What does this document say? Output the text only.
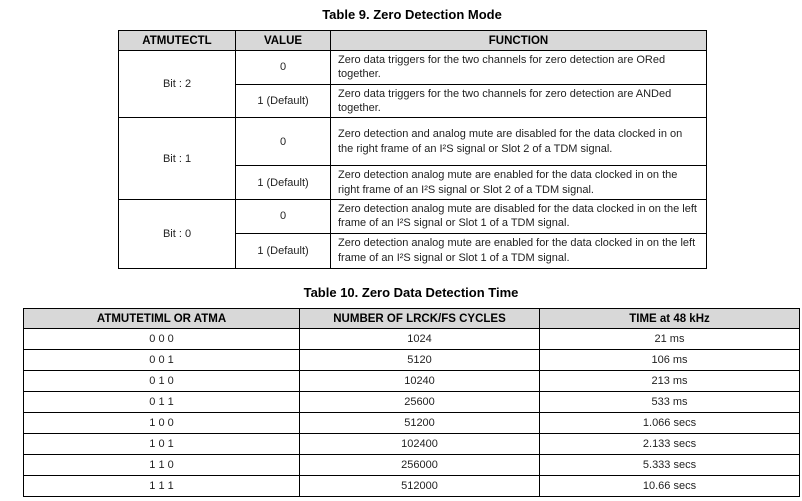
Table 9. Zero Detection Mode
ATMUTECTL	VALUE	FUNCTION
Bit : 2	0	Zero data triggers for the two channels for zero detection are ORed together.
	1 (Default)	Zero data triggers for the two channels for zero detection are ANDed together.
Bit : 1	0	Zero detection and analog mute are disabled for the data clocked in on the right frame of an I²S signal or Slot 2 of a TDM signal.
	1 (Default)	Zero detection analog mute are enabled for the data clocked in on the right frame of an I²S signal or Slot 2 of a TDM signal.
Bit : 0	0	Zero detection analog mute are disabled for the data clocked in on the left frame of an I²S signal or Slot 1 of a TDM signal.
	1 (Default)	Zero detection analog mute are enabled for the data clocked in on the left frame of an I²S signal or Slot 1 of a TDM signal.
Table 10. Zero Data Detection Time
ATMUTETIML OR ATMA	NUMBER OF LRCK/FS CYCLES	TIME at 48 kHz
0 0 0	1024	21 ms
0 0 1	5120	106 ms
0 1 0	10240	213 ms
0 1 1	25600	533 ms
1 0 0	51200	1.066 secs
1 0 1	102400	2.133 secs
1 1 0	256000	5.333 secs
1 1 1	512000	10.66 secs
